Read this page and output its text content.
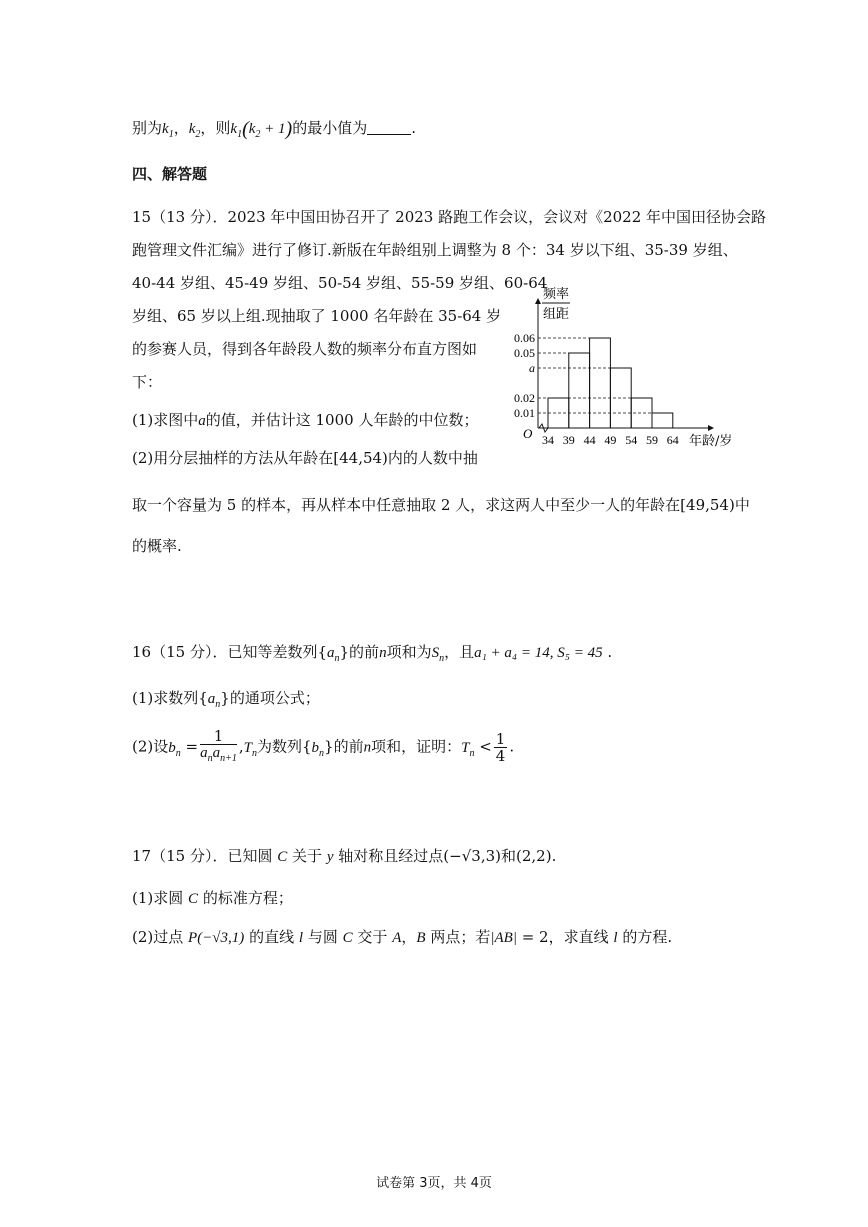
别为$k_1$，$k_2$，则$k_1(k_2 + 1)$的最小值为	.
四、解答题
15（13 分）．2023 年中国田协召开了 2023 路跑工作会议，会议对《2022 年中国田径协会路
跑管理文件汇编》进行了修订.新版在年龄组别上调整为 8 个：34 岁以下组、35-39 岁组、
40-44 岁组、45-49 岁组、50-54 岁组、55-59 岁组、60-64
岁组、65 岁以上组.现抽取了 1000 名年龄在 35-64 岁
的参赛人员，得到各年龄段人数的频率分布直方图如
下：
(1)求图中a的值，并估计这 1000 人年龄的中位数；
(2)用分层抽样的方法从年龄在[44,54)内的人数中抽
取一个容量为 5 的样本，再从样本中任意抽取 2 人，求这两人中至少一人的年龄在[49,54)中
的概率.
频率
组距
O
0.06
0.05
a
0.02
0.01
34 39 44 49 54 59 64 年龄/岁
16（15 分）．已知等差数列$\{a_n\}$的前n项和为$S_n$，且a₁ + a₄ = 14, S₅ = 45 .
(1)求数列$\{a_n\}$的通项公式；
(2)设$b_n = \frac{1}{a_na_{n+1}} ,T_n$为数列$\{b_n\}$的前n项和，证明：$T_n < \frac{1}{4}$ .
17（15 分）．已知圆 C 关于 y 轴对称且经过点(−√3,3)和(2,2).
(1)求圆 C 的标准方程；
(2)过点 P(−√3,1) 的直线 l 与圆 C 交于 A，B 两点；若|AB| = 2，求直线 l 的方程.
试卷第 3页，共 4页
